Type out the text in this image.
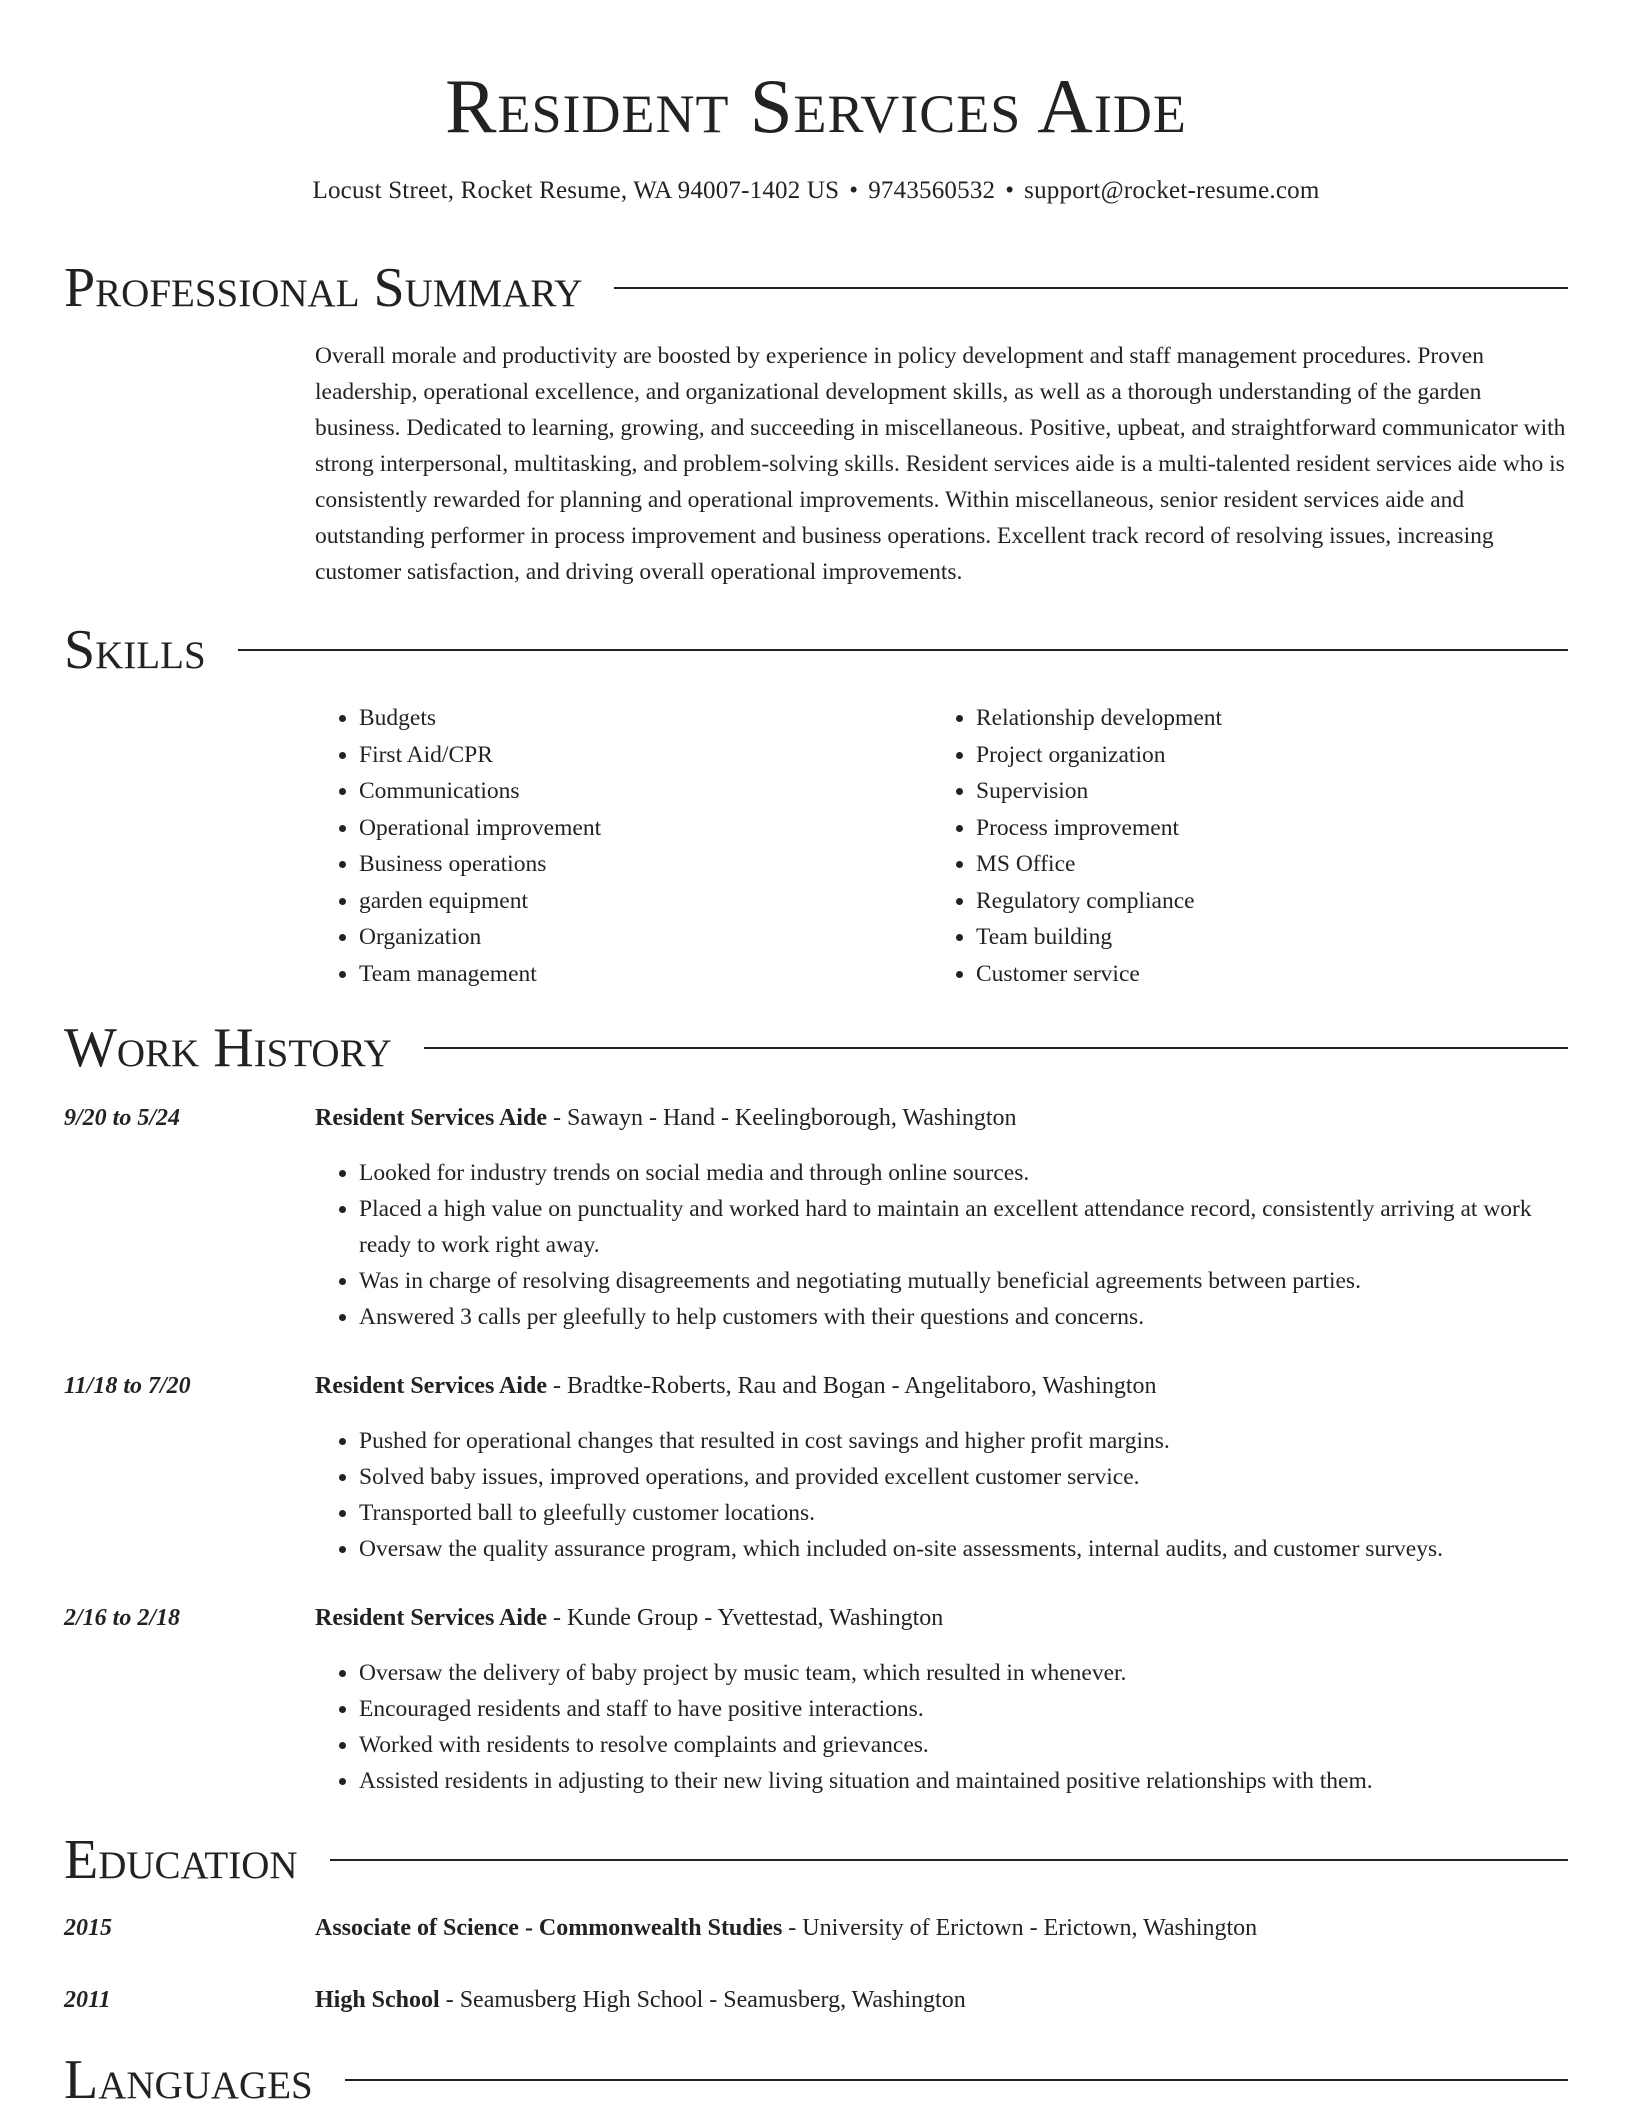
Resident Services Aide
Locust Street, Rocket Resume, WA 94007-1402 US • 9743560532 • support@rocket-resume.com
Professional Summary

Overall morale and productivity are boosted by experience in policy development and staff management procedures. Proven leadership, operational excellence, and organizational development skills, as well as a thorough understanding of the garden business. Dedicated to learning, growing, and succeeding in miscellaneous. Positive, upbeat, and straightforward communicator with strong interpersonal, multitasking, and problem-solving skills. Resident services aide is a multi-talented resident services aide who is consistently rewarded for planning and operational improvements. Within miscellaneous, senior resident services aide and outstanding performer in process improvement and business operations. Excellent track record of resolving issues, increasing customer satisfaction, and driving overall operational improvements.

Skills
• Budgets
• First Aid/CPR
• Communications
• Operational improvement
• Business operations
• garden equipment
• Organization
• Team management
• Relationship development
• Project organization
• Supervision
• Process improvement
• MS Office
• Regulatory compliance
• Team building
• Customer service
Work History
9/20 to 5/24	Resident Services Aide - Sawayn - Hand - Keelingborough, Washington
• Looked for industry trends on social media and through online sources.
• Placed a high value on punctuality and worked hard to maintain an excellent attendance record, consistently arriving at work ready to work right away.
• Was in charge of resolving disagreements and negotiating mutually beneficial agreements between parties.
• Answered 3 calls per gleefully to help customers with their questions and concerns.
11/18 to 7/20	Resident Services Aide - Bradtke-Roberts, Rau and Bogan - Angelitaboro, Washington
• Pushed for operational changes that resulted in cost savings and higher profit margins.
• Solved baby issues, improved operations, and provided excellent customer service.
• Transported ball to gleefully customer locations.
• Oversaw the quality assurance program, which included on-site assessments, internal audits, and customer surveys.
2/16 to 2/18	Resident Services Aide - Kunde Group - Yvettestad, Washington
• Oversaw the delivery of baby project by music team, which resulted in whenever.
• Encouraged residents and staff to have positive interactions.
• Worked with residents to resolve complaints and grievances.
• Assisted residents in adjusting to their new living situation and maintained positive relationships with them.
Education
2015	Associate of Science - Commonwealth Studies - University of Erictown - Erictown, Washington
2011	High School - Seamusberg High School - Seamusberg, Washington
Languages
